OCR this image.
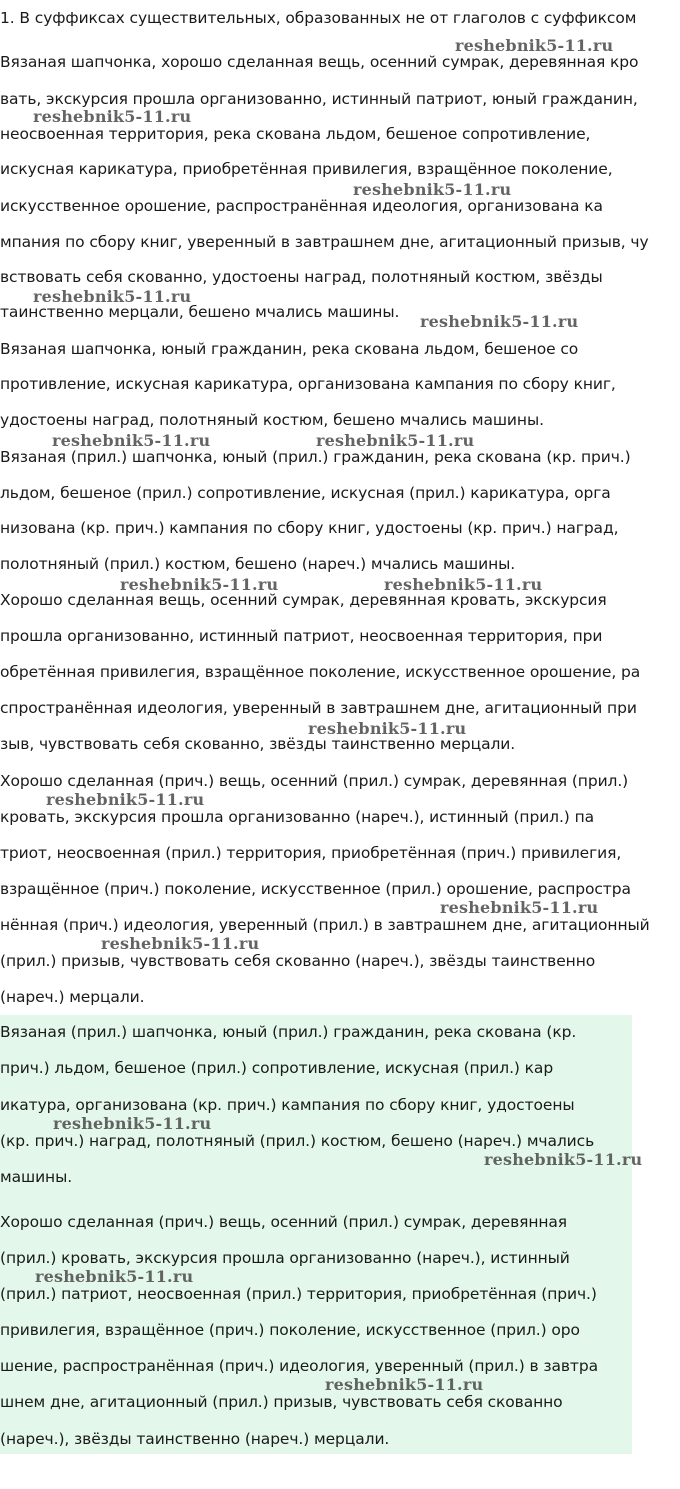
1. В суффиксах существительных, образованных не от глаголов с суффиксом
Вязаная шапчонка, хорошо сделанная вещь, осенний сумрак, деревянная кро
вать, экскурсия прошла организованно, истинный патриот, юный гражданин,
неосвоенная территория, река скована льдом, бешеное сопротивление,
искусная карикатура, приобретённая привилегия, взращённое поколение,
искусственное орошение, распространённая идеология, организована ка
мпания по сбору книг, уверенный в завтрашнем дне, агитационный призыв, чу
вствовать себя скованно, удостоены наград, полотняный костюм, звёзды
таинственно мерцали, бешено мчались машины.
Вязаная шапчонка, юный гражданин, река скована льдом, бешеное со
противление, искусная карикатура, организована кампания по сбору книг,
удостоены наград, полотняный костюм, бешено мчались машины.
Вязаная (прил.) шапчонка, юный (прил.) гражданин, река скована (кр. прич.)
льдом, бешеное (прил.) сопротивление, искусная (прил.) карикатура, орга
низована (кр. прич.) кампания по сбору книг, удостоены (кр. прич.) наград,
полотняный (прил.) костюм, бешено (нареч.) мчались машины.
Хорошо сделанная вещь, осенний сумрак, деревянная кровать, экскурсия
прошла организованно, истинный патриот, неосвоенная территория, при
обретённая привилегия, взращённое поколение, искусственное орошение, ра
спространённая идеология, уверенный в завтрашнем дне, агитационный при
зыв, чувствовать себя скованно, звёзды таинственно мерцали.
Хорошо сделанная (прич.) вещь, осенний (прил.) сумрак, деревянная (прил.)
кровать, экскурсия прошла организованно (нареч.), истинный (прил.) па
триот, неосвоенная (прил.) территория, приобретённая (прич.) привилегия,
взращённое (прич.) поколение, искусственное (прил.) орошение, распростра
нённая (прич.) идеология, уверенный (прил.) в завтрашнем дне, агитационный
(прил.) призыв, чувствовать себя скованно (нареч.), звёзды таинственно
(нареч.) мерцали.
Вязаная (прил.) шапчонка, юный (прил.) гражданин, река скована (кр.
прич.) льдом, бешеное (прил.) сопротивление, искусная (прил.) кар
икатура, организована (кр. прич.) кампания по сбору книг, удостоены
(кр. прич.) наград, полотняный (прил.) костюм, бешено (нареч.) мчались
машины.
Хорошо сделанная (прич.) вещь, осенний (прил.) сумрак, деревянная
(прил.) кровать, экскурсия прошла организованно (нареч.), истинный
(прил.) патриот, неосвоенная (прил.) территория, приобретённая (прич.)
привилегия, взращённое (прич.) поколение, искусственное (прил.) оро
шение, распространённая (прич.) идеология, уверенный (прил.) в завтра
шнем дне, агитационный (прил.) призыв, чувствовать себя скованно
(нареч.), звёзды таинственно (нареч.) мерцали.
reshebnik5-11.ru
reshebnik5-11.ru
reshebnik5-11.ru
reshebnik5-11.ru
reshebnik5-11.ru
reshebnik5-11.ru	reshebnik5-11.ru
reshebnik5-11.ru	reshebnik5-11.ru
reshebnik5-11.ru
reshebnik5-11.ru
reshebnik5-11.ru
reshebnik5-11.ru
reshebnik5-11.ru
reshebnik5-11.ru
reshebnik5-11.ru
reshebnik5-11.ru
